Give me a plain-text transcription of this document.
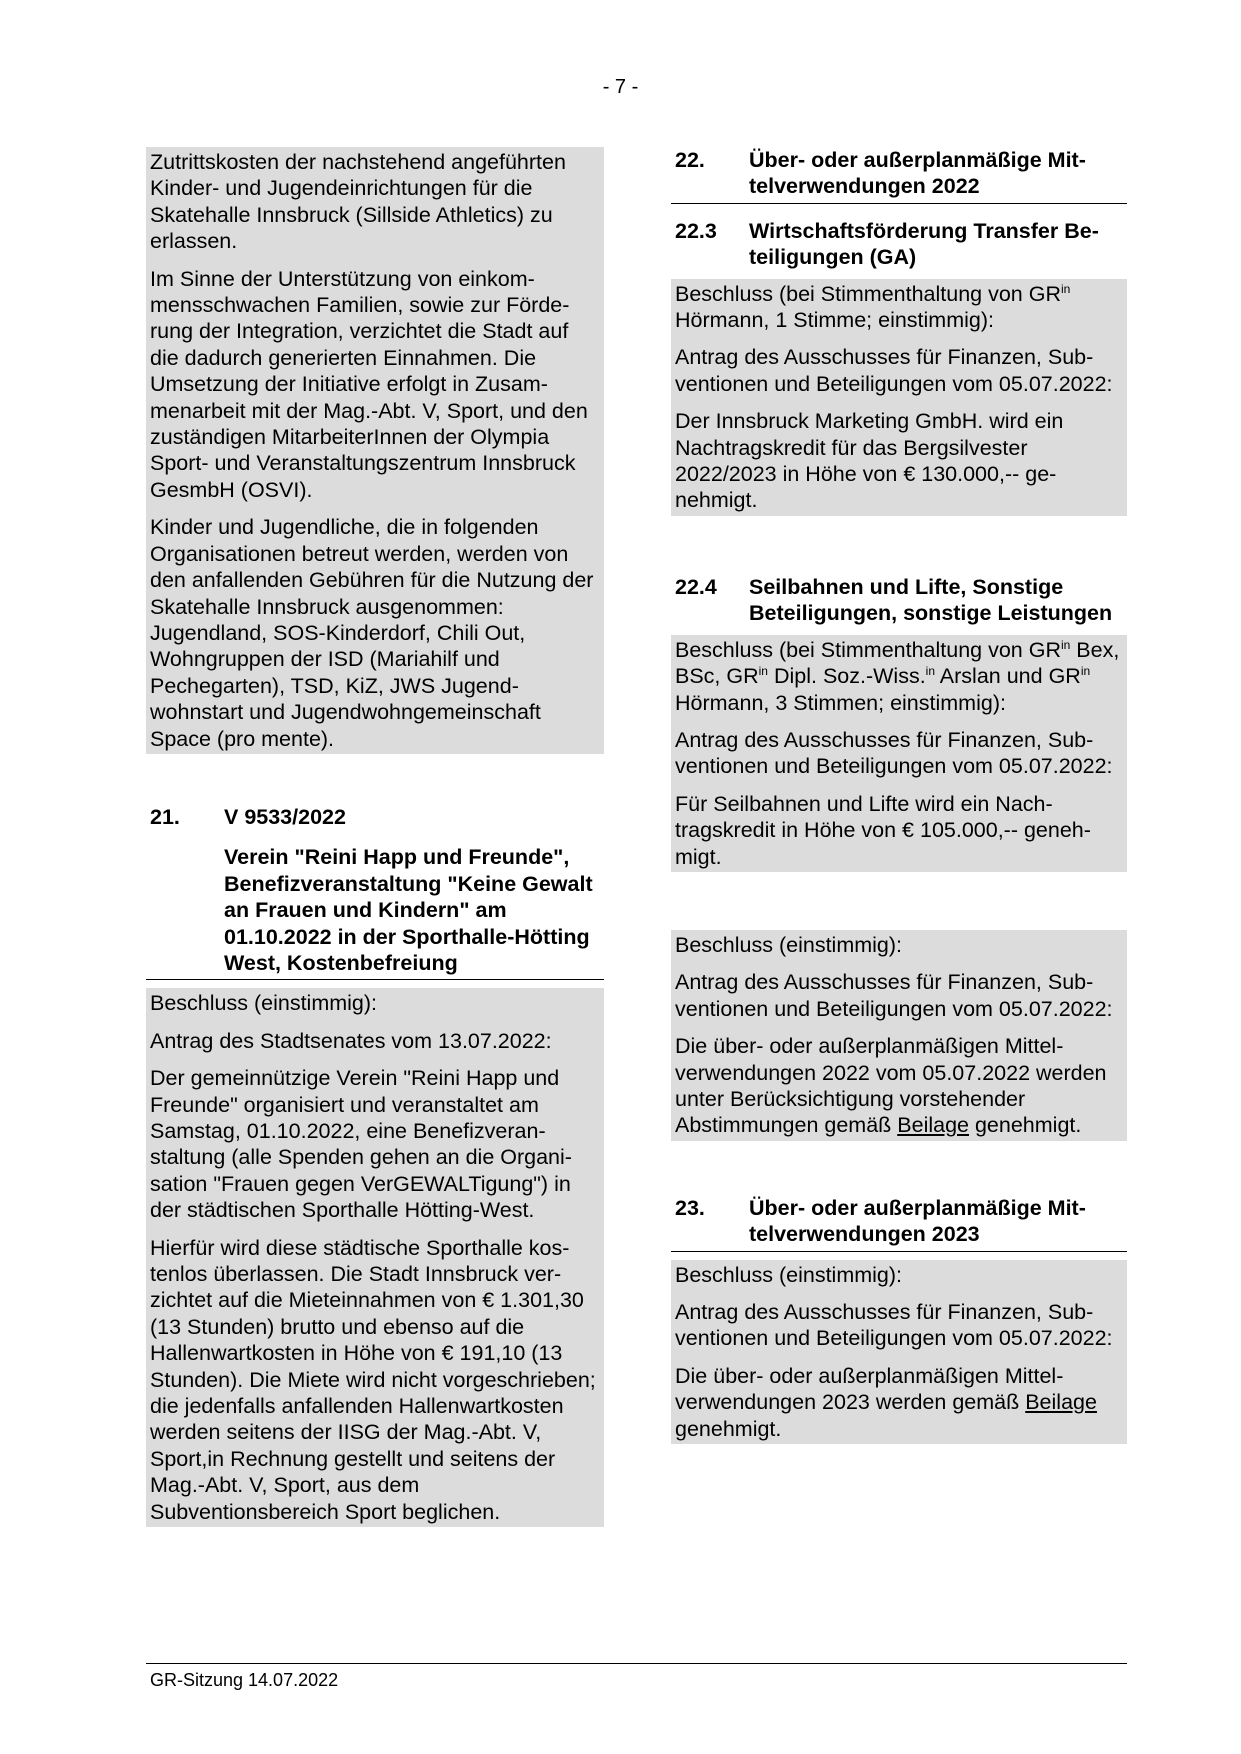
- 7 -

Zutrittskosten der nachstehend angeführten Kinder- und Jugendeinrichtungen für die Skatehalle Innsbruck (Sillside Athletics) zu erlassen.

Im Sinne der Unterstützung von einkommensschwachen Familien, sowie zur Förderung der Integration, verzichtet die Stadt auf die dadurch generierten Einnahmen. Die Umsetzung der Initiative erfolgt in Zusammenarbeit mit der Mag.-Abt. V, Sport, und den zuständigen MitarbeiterInnen der Olympia Sport- und Veranstaltungszentrum Innsbruck GesmbH (OSVI).

Kinder und Jugendliche, die in folgenden Organisationen betreut werden, werden von den anfallenden Gebühren für die Nutzung der Skatehalle Innsbruck ausgenommen: Jugendland, SOS-Kinderdorf, Chili Out, Wohngruppen der ISD (Mariahilf und Pechegarten), TSD, KiZ, JWS Jugendwohnstart und Jugendwohngemeinschaft Space (pro mente).

21.	V 9533/2022
Verein "Reini Happ und Freunde", Benefizveranstaltung "Keine Gewalt an Frauen und Kindern" am 01.10.2022 in der Sporthalle-Hötting West, Kostenbefreiung

Beschluss (einstimmig):

Antrag des Stadtsenates vom 13.07.2022:

Der gemeinnützige Verein "Reini Happ und Freunde" organisiert und veranstaltet am Samstag, 01.10.2022, eine Benefizveranstaltung (alle Spenden gehen an die Organisation "Frauen gegen VerGEWALTigung") in der städtischen Sporthalle Hötting-West.

Hierfür wird diese städtische Sporthalle kostenlos überlassen. Die Stadt Innsbruck verzichtet auf die Mieteinnahmen von € 1.301,30 (13 Stunden) brutto und ebenso auf die Hallenwartkosten in Höhe von € 191,10 (13 Stunden). Die Miete wird nicht vorgeschrieben; die jedenfalls anfallenden Hallenwartkosten werden seitens der IISG der Mag.-Abt. V, Sport,in Rechnung gestellt und seitens der Mag.-Abt. V, Sport, aus dem Subventionsbereich Sport beglichen.

22.	Über- oder außerplanmäßige Mittelverwendungen 2022
22.3	Wirtschaftsförderung Transfer Beteiligungen (GA)

Beschluss (bei Stimmenthaltung von $GR^{in}$ Hörmann, 1 Stimme; einstimmig):

Antrag des Ausschusses für Finanzen, Subventionen und Beteiligungen vom 05.07.2022:

Der Innsbruck Marketing GmbH. wird ein Nachtragskredit für das Bergsilvester 2022/2023 in Höhe von € 130.000,-- genehmigt.

22.4	Seilbahnen und Lifte, Sonstige Beteiligungen, sonstige Leistungen

Beschluss (bei Stimmenthaltung von $GR^{in}$ Bex, BSc, $GR^{in}$ Dipl. Soz.-Wiss.$^{in}$ Arslan und $GR^{in}$ Hörmann, 3 Stimmen; einstimmig):

Antrag des Ausschusses für Finanzen, Subventionen und Beteiligungen vom 05.07.2022:

Für Seilbahnen und Lifte wird ein Nachtragskredit in Höhe von € 105.000,-- genehmigt.

Beschluss (einstimmig):

Antrag des Ausschusses für Finanzen, Subventionen und Beteiligungen vom 05.07.2022:

Die über- oder außerplanmäßigen Mittelverwendungen 2022 vom 05.07.2022 werden unter Berücksichtigung vorstehender Abstimmungen gemäß Beilage genehmigt.

23.	Über- oder außerplanmäßige Mittelverwendungen 2023

Beschluss (einstimmig):

Antrag des Ausschusses für Finanzen, Subventionen und Beteiligungen vom 05.07.2022:

Die über- oder außerplanmäßigen Mittelverwendungen 2023 werden gemäß Beilage genehmigt.

GR-Sitzung 14.07.2022
